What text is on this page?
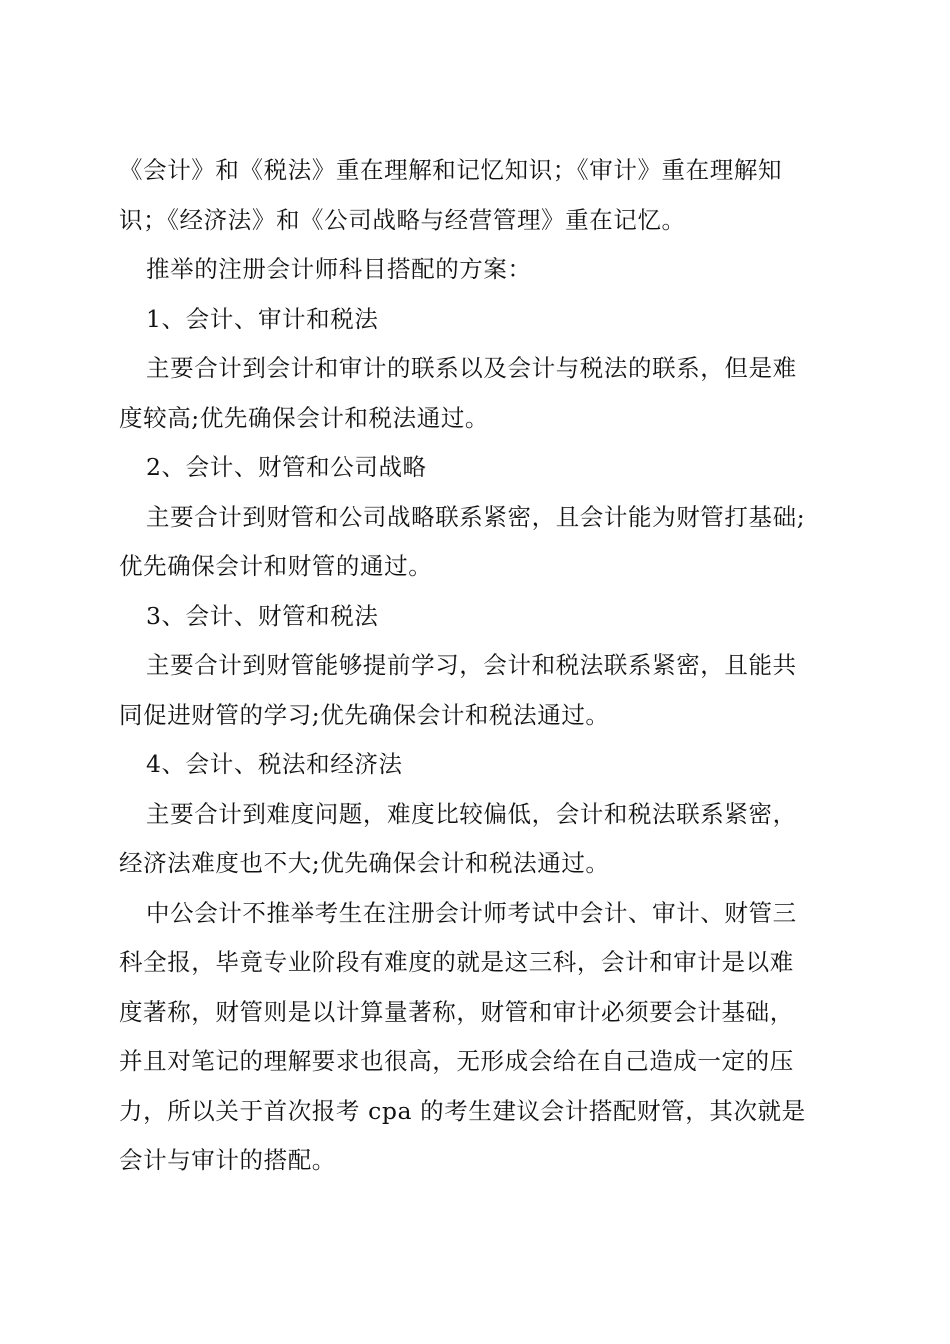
《会计》和《税法》重在理解和记忆知识；《审计》重在理解知
识；《经济法》和《公司战略与经营管理》重在记忆。

推举的注册会计师科目搭配的方案：

1、会计、审计和税法

主要合计到会计和审计的联系以及会计与税法的联系，但是难
度较高;优先确保会计和税法通过。

2、会计、财管和公司战略

主要合计到财管和公司战略联系紧密，且会计能为财管打基础;
优先确保会计和财管的通过。

3、会计、财管和税法

主要合计到财管能够提前学习，会计和税法联系紧密，且能共
同促进财管的学习;优先确保会计和税法通过。

4、会计、税法和经济法

主要合计到难度问题，难度比较偏低，会计和税法联系紧密，
经济法难度也不大;优先确保会计和税法通过。

中公会计不推举考生在注册会计师考试中会计、审计、财管三
科全报，毕竟专业阶段有难度的就是这三科，会计和审计是以难
度著称，财管则是以计算量著称，财管和审计必须要会计基础，
并且对笔记的理解要求也很高，无形成会给在自己造成一定的压
力，所以关于首次报考 cpa 的考生建议会计搭配财管，其次就是
会计与审计的搭配。
